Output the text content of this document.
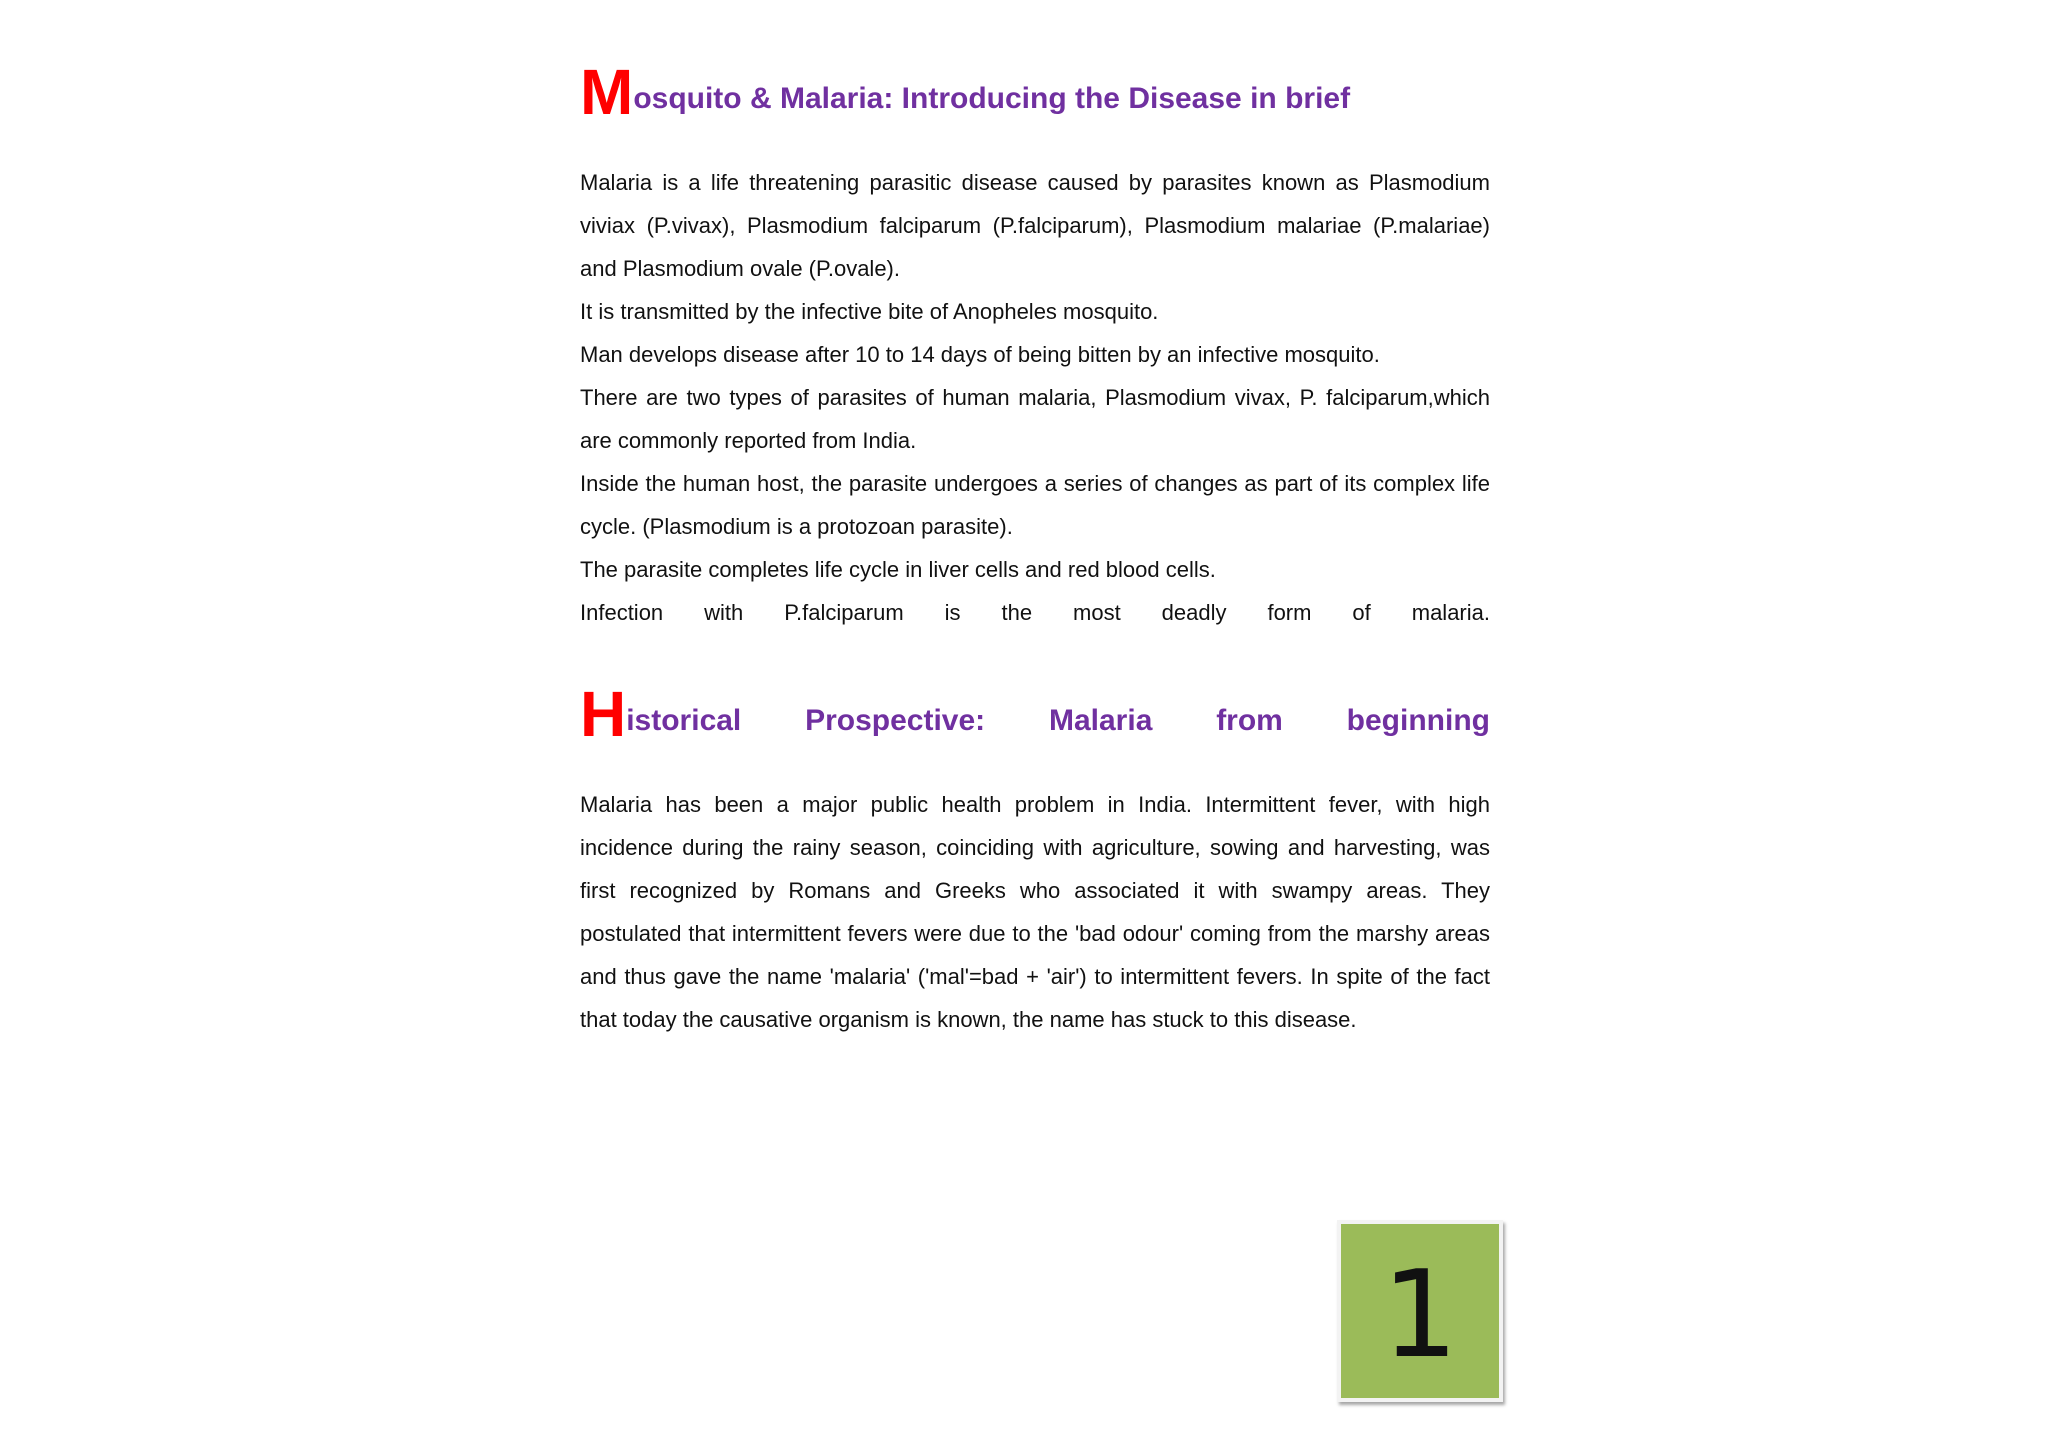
Mosquito & Malaria: Introducing the Disease in brief

Malaria is a life threatening parasitic disease caused by parasites known as Plasmodium viviax (P.vivax), Plasmodium falciparum (P.falciparum), Plasmodium malariae (P.malariae) and Plasmodium ovale (P.ovale).

It is transmitted by the infective bite of Anopheles mosquito.

Man develops disease after 10 to 14 days of being bitten by an infective mosquito.

There are two types of parasites of human malaria, Plasmodium vivax, P. falciparum,which are commonly reported from India.

Inside the human host, the parasite undergoes a series of changes as part of its complex life cycle. (Plasmodium is a protozoan parasite).

The parasite completes life cycle in liver cells and red blood cells.

Infection with P.falciparum is the most deadly form of malaria.

Historical Prospective: Malaria from beginning

Malaria has been a major public health problem in India. Intermittent fever, with high incidence during the rainy season, coinciding with agriculture, sowing and harvesting, was first recognized by Romans and Greeks who associated it with swampy areas. They postulated that intermittent fevers were due to the 'bad odour' coming from the marshy areas and thus gave the name 'malaria' ('mal'=bad + 'air') to intermittent fevers. In spite of the fact that today the causative organism is known, the name has stuck to this disease.

1
